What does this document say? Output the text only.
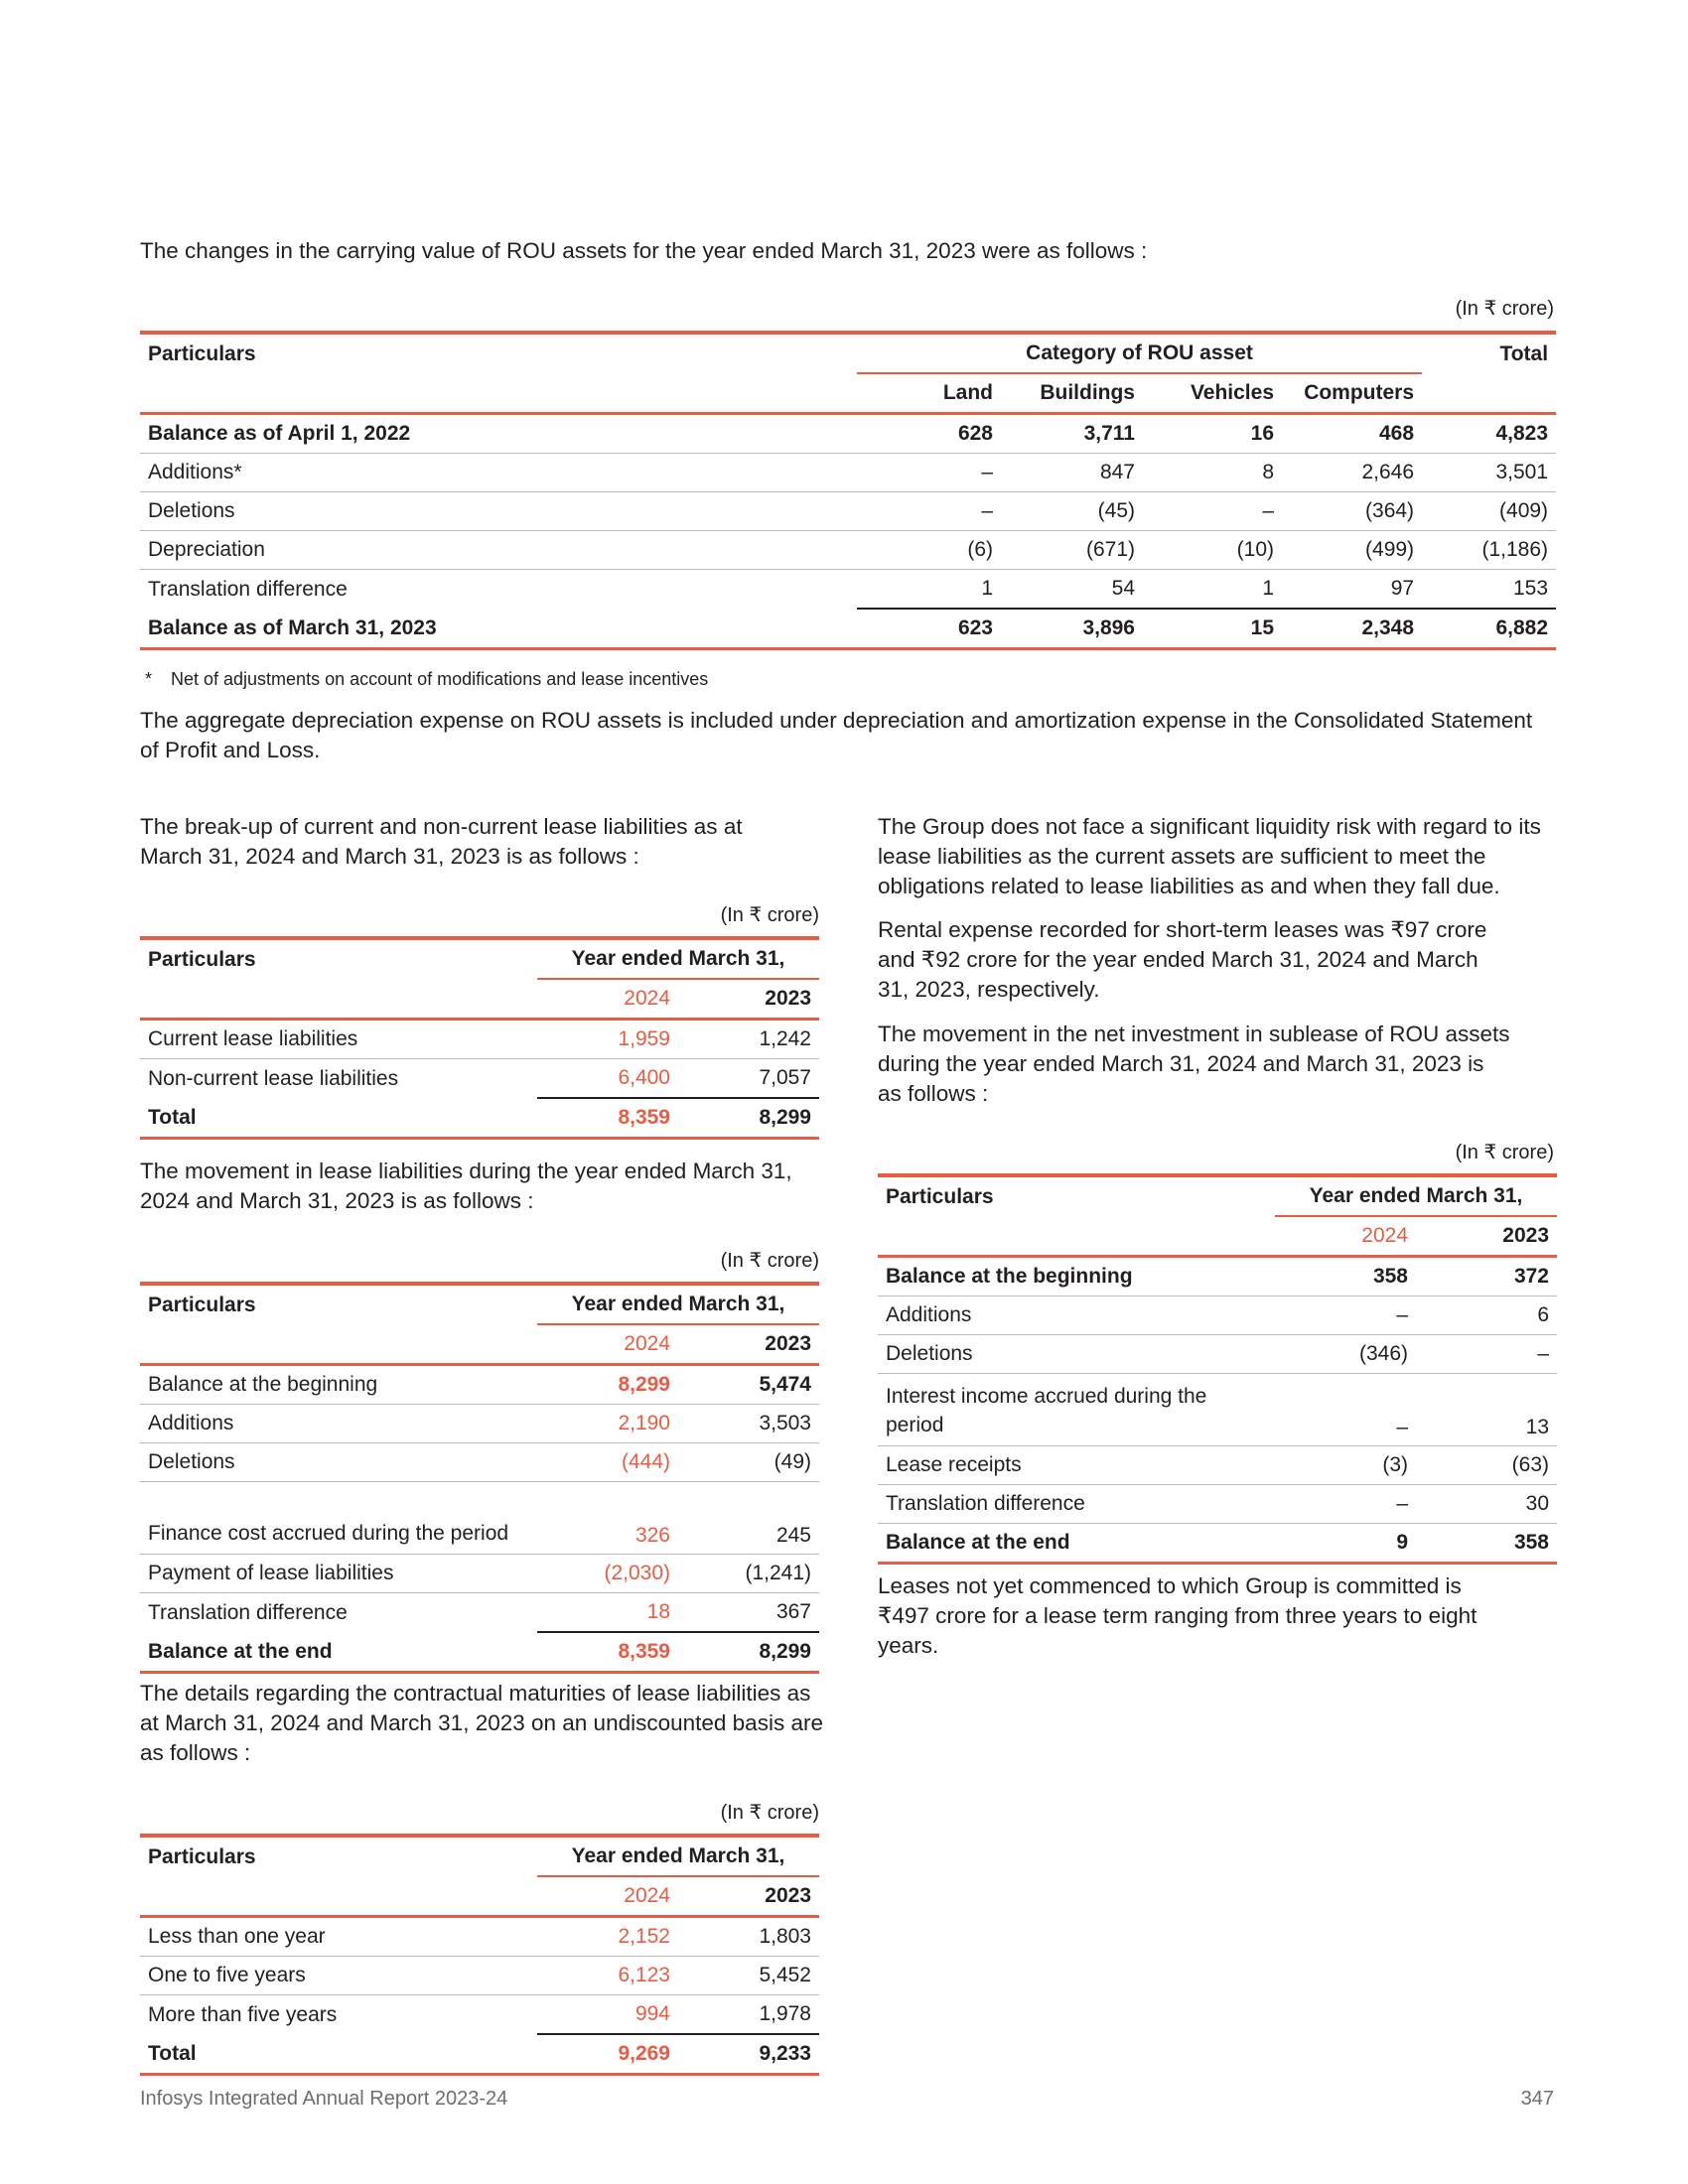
The changes in the carrying value of ROU assets for the year ended March 31, 2023 were as follows :
(In ₹ crore)
Particulars	Category of ROU asset				Total
	Land	Buildings	Vehicles	Computers	
Balance as of April 1, 2022	628	3,711	16	468	4,823
Additions*	–	847	8	2,646	3,501
Deletions	–	(45)	–	(364)	(409)
Depreciation	(6)	(671)	(10)	(499)	(1,186)
Translation difference	1	54	1	97	153
Balance as of March 31, 2023	623	3,896	15	2,348	6,882
* Net of adjustments on account of modifications and lease incentives
The aggregate depreciation expense on ROU assets is included under depreciation and amortization expense in the Consolidated Statement of Profit and Loss.
The break-up of current and non-current lease liabilities as at March 31, 2024 and March 31, 2023 is as follows :
(In ₹ crore)
Particulars	Year ended March 31,	
	2024	2023
Current lease liabilities	1,959	1,242
Non-current lease liabilities	6,400	7,057
Total	8,359	8,299
The movement in lease liabilities during the year ended March 31, 2024 and March 31, 2023 is as follows :
(In ₹ crore)
Particulars	Year ended March 31,	
	2024	2023
Balance at the beginning	8,299	5,474
Additions	2,190	3,503
Deletions	(444)	(49)
Finance cost accrued during the period	326	245
Payment of lease liabilities	(2,030)	(1,241)
Translation difference	18	367
Balance at the end	8,359	8,299
The details regarding the contractual maturities of lease liabilities as at March 31, 2024 and March 31, 2023 on an undiscounted basis are as follows :
(In ₹ crore)
Particulars	Year ended March 31,	
	2024	2023
Less than one year	2,152	1,803
One to five years	6,123	5,452
More than five years	994	1,978
Total	9,269	9,233
The Group does not face a significant liquidity risk with regard to its lease liabilities as the current assets are sufficient to meet the obligations related to lease liabilities as and when they fall due.
Rental expense recorded for short-term leases was ₹97 crore and ₹92 crore for the year ended March 31, 2024 and March 31, 2023, respectively.
The movement in the net investment in sublease of ROU assets during the year ended March 31, 2024 and March 31, 2023 is as follows :
(In ₹ crore)
Particulars	Year ended March 31,	
	2024	2023
Balance at the beginning	358	372
Additions	–	6
Deletions	(346)	–
Interest income accrued during the period	–	13
Lease receipts	(3)	(63)
Translation difference	–	30
Balance at the end	9	358
Leases not yet commenced to which Group is committed is ₹497 crore for a lease term ranging from three years to eight years.
Infosys Integrated Annual Report 2023-24	347
